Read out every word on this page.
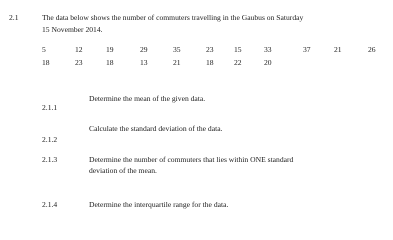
2.1	The data below shows the number of commuters travelling in the Gaubus on Saturday
15 November 2014.
5	12	19	29	35	23	15	33	37	21	26
18	23	18	13	21	18	22	20
Determine the mean of the given data.
2.1.1
Calculate the standard deviation of the data.
2.1.2
2.1.3	Determine the number of commuters that lies within ONE standard
deviation of the mean.
2.1.4	Determine the interquartile range for the data.
